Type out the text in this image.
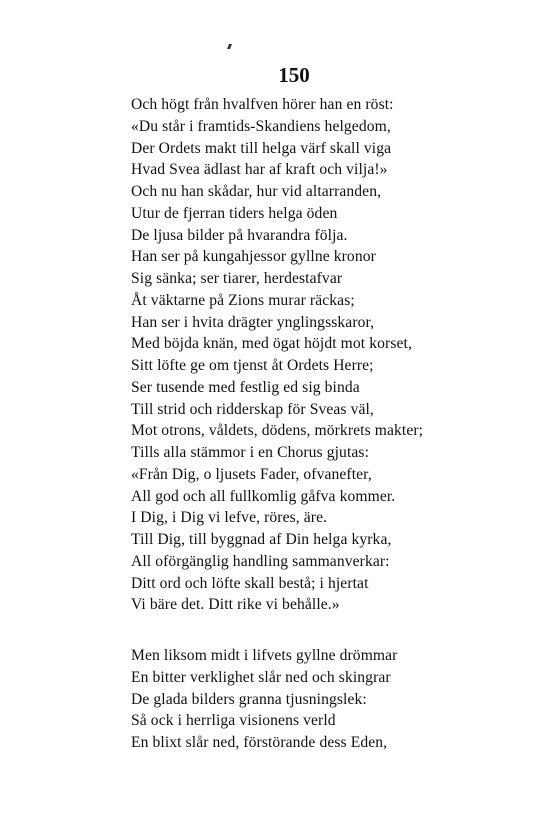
150
Och högt från hvalfven hörer han en röst:
«Du står i framtids-Skandiens helgedom,
Der Ordets makt till helga värf skall viga
Hvad Svea ädlast har af kraft och vilja!»
Och nu han skådar, hur vid altarranden,
Utur de fjerran tiders helga öden
De ljusa bilder på hvarandra följa.
Han ser på kungahjessor gyllne kronor
Sig sänka; ser tiarer, herdestafvar
Åt väktarne på Zions murar räckas;
Han ser i hvita drägter ynglingsskaror,
Med böjda knän, med ögat höjdt mot korset,
Sitt löfte ge om tjenst åt Ordets Herre;
Ser tusende med festlig ed sig binda
Till strid och ridderskap för Sveas väl,
Mot otrons, våldets, dödens, mörkrets makter;
Tills alla stämmor i en Chorus gjutas:
«Från Dig, o ljusets Fader, ofvanefter,
All god och all fullkomlig gåfva kommer.
I Dig, i Dig vi lefve, röres, äre.
Till Dig, till byggnad af Din helga kyrka,
All oförgänglig handling sammanverkar:
Ditt ord och löfte skall bestå; i hjertat
Vi bäre det. Ditt rike vi behålle.»
Men liksom midt i lifvets gyllne drömmar
En bitter verklighet slår ned och skingrar
De glada bilders granna tjusningslek:
Så ock i herrliga visionens verld
En blixt slår ned, förstörande dess Eden,
